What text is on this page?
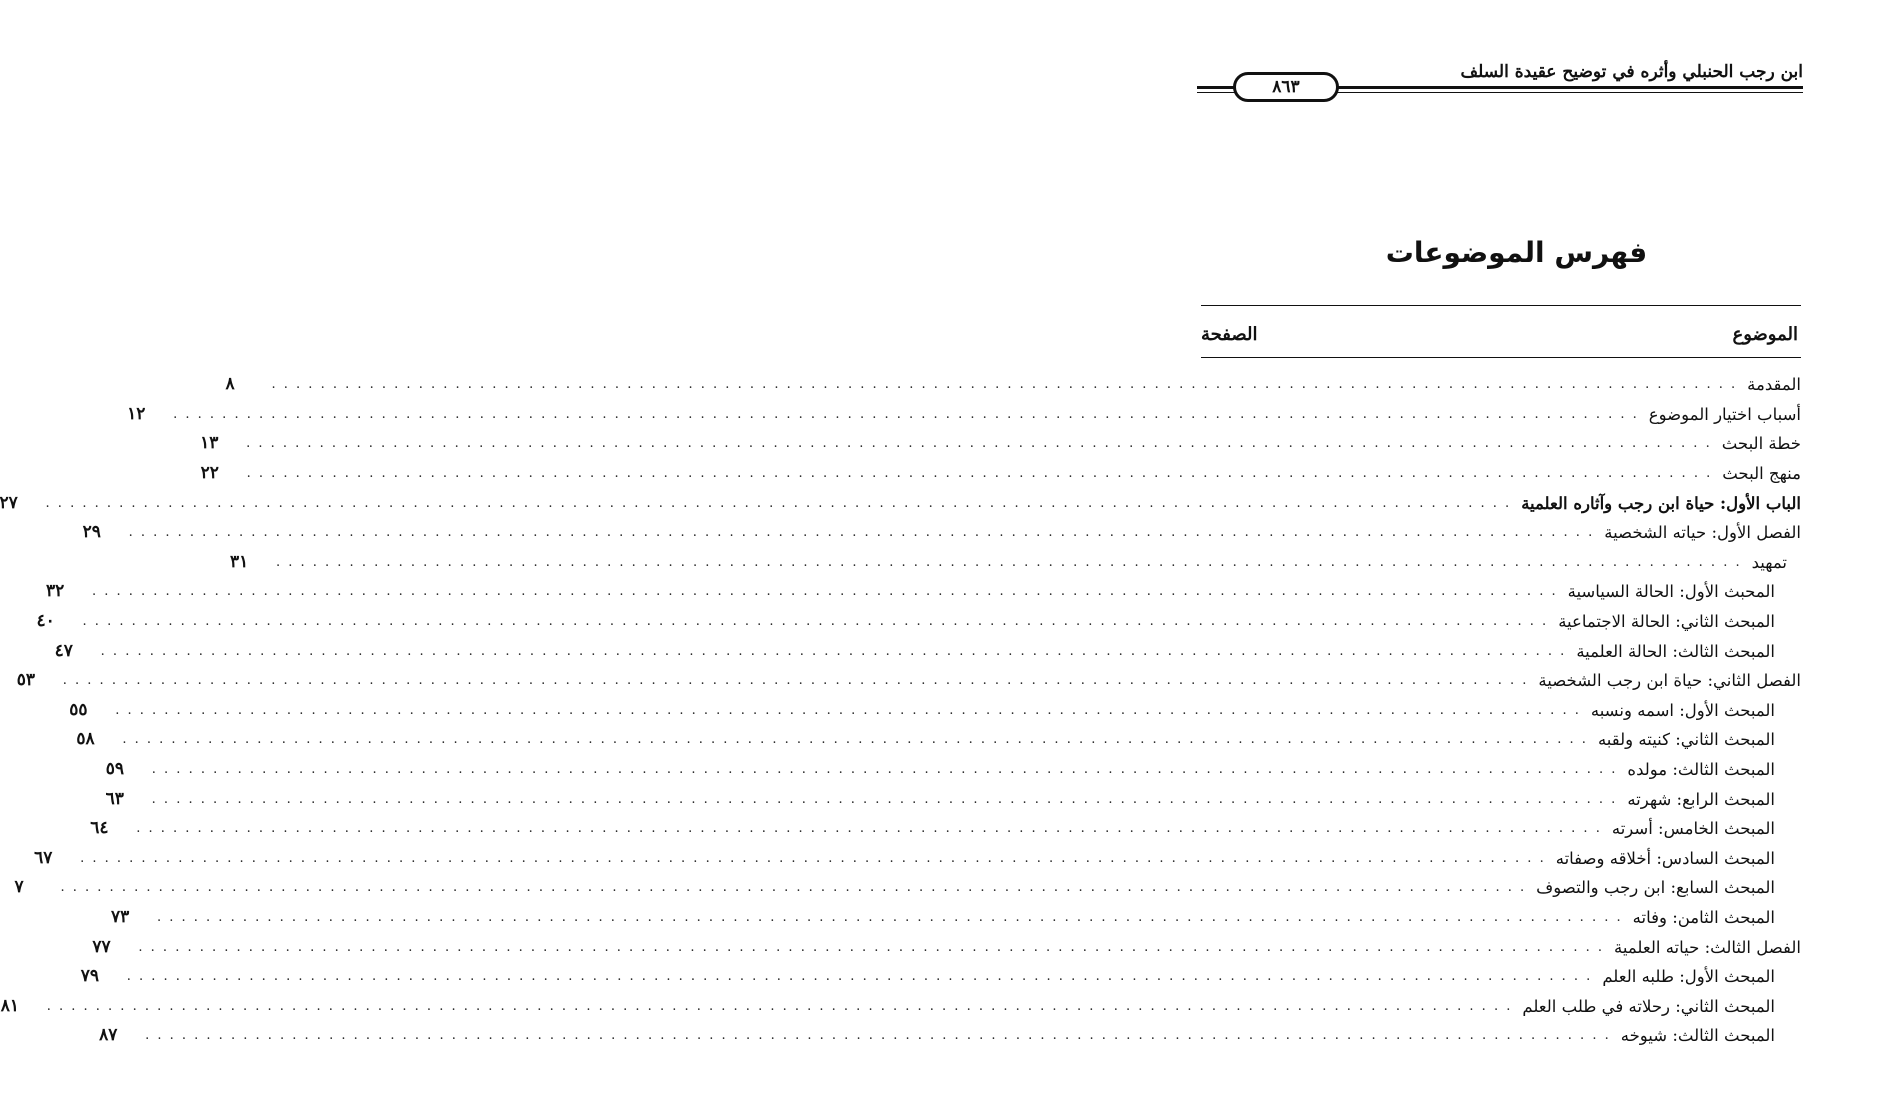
ابن رجب الحنبلي وأثره في توضيح عقيدة السلف
٨٦٣
فهرس الموضوعات
الموضوع
الصفحة
المقدمة
. . . . . . . . . . . . . . . . . . . . . . . . . . . . . . . . . . . . . . . . . . . . . . . . . . . . . . . . . . . . . . . . . . . . . . . . . . . . . . . . . . . . . . . . . . . . . . . . . . . . . . . . . . . . . . . . . . . . . . . .
٨
أسباب اختيار الموضوع
. . . . . . . . . . . . . . . . . . . . . . . . . . . . . . . . . . . . . . . . . . . . . . . . . . . . . . . . . . . . . . . . . . . . . . . . . . . . . . . . . . . . . . . . . . . . . . . . . . . . . . . . . . . . . . . . . . . . . . . .
١٢
خطة البحث
. . . . . . . . . . . . . . . . . . . . . . . . . . . . . . . . . . . . . . . . . . . . . . . . . . . . . . . . . . . . . . . . . . . . . . . . . . . . . . . . . . . . . . . . . . . . . . . . . . . . . . . . . . . . . . . . . . . . . . . .
١٣
منهج البحث
. . . . . . . . . . . . . . . . . . . . . . . . . . . . . . . . . . . . . . . . . . . . . . . . . . . . . . . . . . . . . . . . . . . . . . . . . . . . . . . . . . . . . . . . . . . . . . . . . . . . . . . . . . . . . . . . . . . . . . . .
٢٢
الباب الأول: حياة ابن رجب وآثاره العلمية
. . . . . . . . . . . . . . . . . . . . . . . . . . . . . . . . . . . . . . . . . . . . . . . . . . . . . . . . . . . . . . . . . . . . . . . . . . . . . . . . . . . . . . . . . . . . . . . . . . . . . . . . . . . . . . . . . . . . . . . .
٢٧
الفصل الأول: حياته الشخصية
. . . . . . . . . . . . . . . . . . . . . . . . . . . . . . . . . . . . . . . . . . . . . . . . . . . . . . . . . . . . . . . . . . . . . . . . . . . . . . . . . . . . . . . . . . . . . . . . . . . . . . . . . . . . . . . . . . . . . . . .
٢٩
تمهيد
. . . . . . . . . . . . . . . . . . . . . . . . . . . . . . . . . . . . . . . . . . . . . . . . . . . . . . . . . . . . . . . . . . . . . . . . . . . . . . . . . . . . . . . . . . . . . . . . . . . . . . . . . . . . . . . . . . . . . . . .
٣١
المحبث الأول: الحالة السياسية
. . . . . . . . . . . . . . . . . . . . . . . . . . . . . . . . . . . . . . . . . . . . . . . . . . . . . . . . . . . . . . . . . . . . . . . . . . . . . . . . . . . . . . . . . . . . . . . . . . . . . . . . . . . . . . . . . . . . . . . .
٣٢
المبحث الثاني: الحالة الاجتماعية
. . . . . . . . . . . . . . . . . . . . . . . . . . . . . . . . . . . . . . . . . . . . . . . . . . . . . . . . . . . . . . . . . . . . . . . . . . . . . . . . . . . . . . . . . . . . . . . . . . . . . . . . . . . . . . . . . . . . . . . .
٤٠
المبحث الثالث: الحالة العلمية
. . . . . . . . . . . . . . . . . . . . . . . . . . . . . . . . . . . . . . . . . . . . . . . . . . . . . . . . . . . . . . . . . . . . . . . . . . . . . . . . . . . . . . . . . . . . . . . . . . . . . . . . . . . . . . . . . . . . . . . .
٤٧
الفصل الثاني: حياة ابن رجب الشخصية
. . . . . . . . . . . . . . . . . . . . . . . . . . . . . . . . . . . . . . . . . . . . . . . . . . . . . . . . . . . . . . . . . . . . . . . . . . . . . . . . . . . . . . . . . . . . . . . . . . . . . . . . . . . . . . . . . . . . . . . .
٥٣
المبحث الأول: اسمه ونسبه
. . . . . . . . . . . . . . . . . . . . . . . . . . . . . . . . . . . . . . . . . . . . . . . . . . . . . . . . . . . . . . . . . . . . . . . . . . . . . . . . . . . . . . . . . . . . . . . . . . . . . . . . . . . . . . . . . . . . . . . .
٥٥
المبحث الثاني: كنيته ولقبه
. . . . . . . . . . . . . . . . . . . . . . . . . . . . . . . . . . . . . . . . . . . . . . . . . . . . . . . . . . . . . . . . . . . . . . . . . . . . . . . . . . . . . . . . . . . . . . . . . . . . . . . . . . . . . . . . . . . . . . . .
٥٨
المبحث الثالث: مولده
. . . . . . . . . . . . . . . . . . . . . . . . . . . . . . . . . . . . . . . . . . . . . . . . . . . . . . . . . . . . . . . . . . . . . . . . . . . . . . . . . . . . . . . . . . . . . . . . . . . . . . . . . . . . . . . . . . . . . . . .
٥٩
المبحث الرابع: شهرته
. . . . . . . . . . . . . . . . . . . . . . . . . . . . . . . . . . . . . . . . . . . . . . . . . . . . . . . . . . . . . . . . . . . . . . . . . . . . . . . . . . . . . . . . . . . . . . . . . . . . . . . . . . . . . . . . . . . . . . . .
٦٣
المبحث الخامس: أسرته
. . . . . . . . . . . . . . . . . . . . . . . . . . . . . . . . . . . . . . . . . . . . . . . . . . . . . . . . . . . . . . . . . . . . . . . . . . . . . . . . . . . . . . . . . . . . . . . . . . . . . . . . . . . . . . . . . . . . . . . .
٦٤
المبحث السادس: أخلاقه وصفاته
. . . . . . . . . . . . . . . . . . . . . . . . . . . . . . . . . . . . . . . . . . . . . . . . . . . . . . . . . . . . . . . . . . . . . . . . . . . . . . . . . . . . . . . . . . . . . . . . . . . . . . . . . . . . . . . . . . . . . . . .
٦٧
المبحث السابع: ابن رجب والتصوف
. . . . . . . . . . . . . . . . . . . . . . . . . . . . . . . . . . . . . . . . . . . . . . . . . . . . . . . . . . . . . . . . . . . . . . . . . . . . . . . . . . . . . . . . . . . . . . . . . . . . . . . . . . . . . . . . . . . . . . . .
٧
المبحث الثامن: وفاته
. . . . . . . . . . . . . . . . . . . . . . . . . . . . . . . . . . . . . . . . . . . . . . . . . . . . . . . . . . . . . . . . . . . . . . . . . . . . . . . . . . . . . . . . . . . . . . . . . . . . . . . . . . . . . . . . . . . . . . . .
٧٣
الفصل الثالث: حياته العلمية
. . . . . . . . . . . . . . . . . . . . . . . . . . . . . . . . . . . . . . . . . . . . . . . . . . . . . . . . . . . . . . . . . . . . . . . . . . . . . . . . . . . . . . . . . . . . . . . . . . . . . . . . . . . . . . . . . . . . . . . .
٧٧
المبحث الأول: طلبه العلم
. . . . . . . . . . . . . . . . . . . . . . . . . . . . . . . . . . . . . . . . . . . . . . . . . . . . . . . . . . . . . . . . . . . . . . . . . . . . . . . . . . . . . . . . . . . . . . . . . . . . . . . . . . . . . . . . . . . . . . . .
٧٩
المبحث الثاني: رحلاته في طلب العلم
. . . . . . . . . . . . . . . . . . . . . . . . . . . . . . . . . . . . . . . . . . . . . . . . . . . . . . . . . . . . . . . . . . . . . . . . . . . . . . . . . . . . . . . . . . . . . . . . . . . . . . . . . . . . . . . . . . . . . . . .
٨١
المبحث الثالث: شيوخه
. . . . . . . . . . . . . . . . . . . . . . . . . . . . . . . . . . . . . . . . . . . . . . . . . . . . . . . . . . . . . . . . . . . . . . . . . . . . . . . . . . . . . . . . . . . . . . . . . . . . . . . . . . . . . . . . . . . . . . . .
٨٧
